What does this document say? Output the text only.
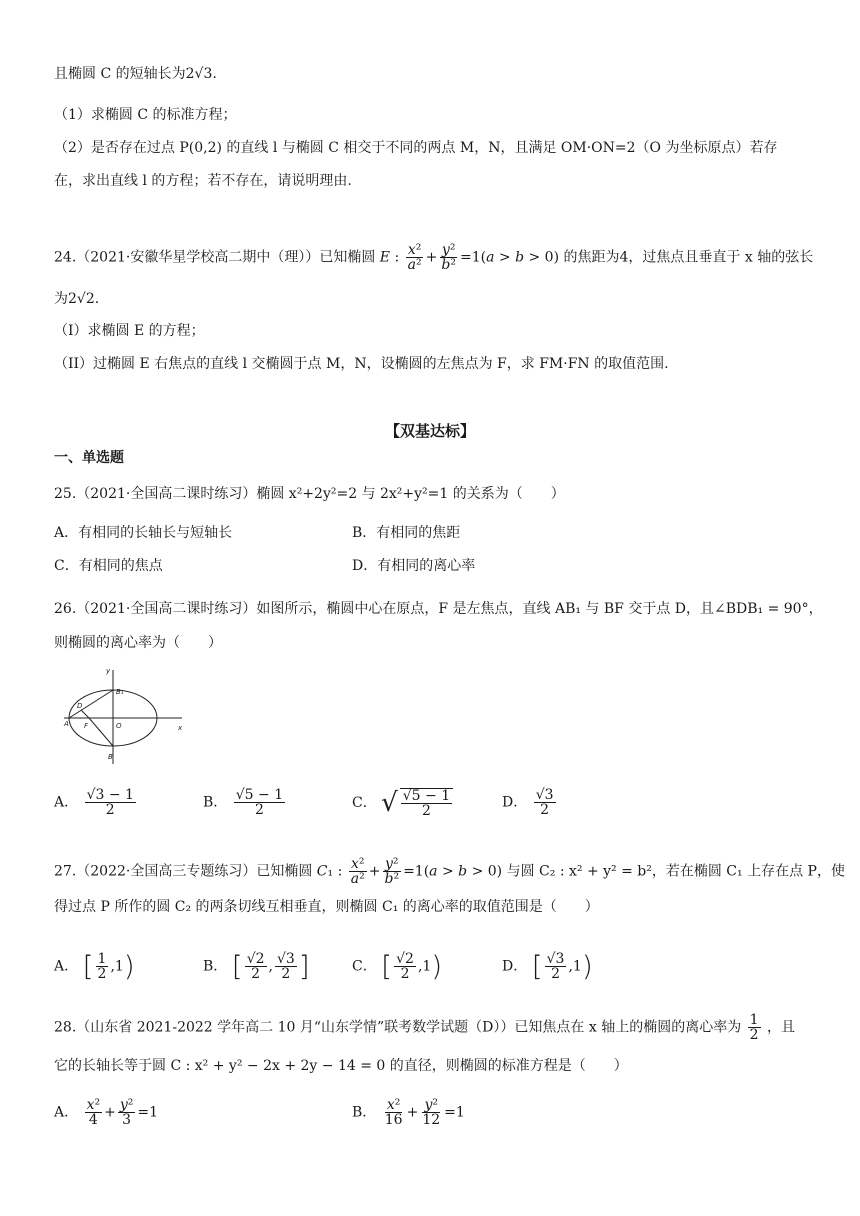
且椭圆 C 的短轴长为2√3.
（1）求椭圆 C 的标准方程；
（2）是否存在过点 P(0,2) 的直线 l 与椭圆 C 相交于不同的两点 M，N，且满足 OM·ON=2（O 为坐标原点）若存
在，求出直线 l 的方程；若不存在，请说明理由.
24.（2021·安徽华星学校高二期中（理））已知椭圆 E : $\frac{\text{x²}}{\text{a²}} + \frac{\text{y²}}{\text{b²}} =1(a > b > 0)$ 的焦距为4，过焦点且垂直于 x 轴的弦长
为2√2.
（I）求椭圆 E 的方程；
（II）过椭圆 E 右焦点的直线 l 交椭圆于点 M，N，设椭圆的左焦点为 F，求 FM·FN 的取值范围.
【双基达标】
一、单选题
25.（2021·全国高二课时练习）椭圆 x²+2y²=2 与 2x²+y²=1 的关系为（　　）
A．有相同的长轴长与短轴长	B．有相同的焦距
C．有相同的焦点	D．有相同的离心率
26.（2021·全国高二课时练习）如图所示，椭圆中心在原点，F 是左焦点，直线 AB₁ 与 BF 交于点 D，且∠BDB₁ = 90°，
则椭圆的离心率为（　　）
y
x
B₁
D
A F	O
B
A． $\frac{√3 - 1}{2}$	B． $\frac{√5 - 1}{2}$	C． √ $\frac{√5 - 1}{2}$	D． $\frac{√3}{2}$
27.（2022·全国高三专题练习）已知椭圆 C₁ : $\frac{\text{x²}}{\text{a²}} + \frac{\text{y²}}{\text{b²}} =1(a > b > 0)$ 与圆 C₂ : x² + y² = b²，若在椭圆 C₁ 上存在点 P，使
得过点 P 所作的圆 C₂ 的两条切线互相垂直，则椭圆 C₁ 的离心率的取值范围是（　　）
A． [ $\frac{1}{2} ,1$)	B． [ $\frac{√2}{2}$ , $\frac{√3}{2}$ ]	C． [ $\frac{√2}{2} ,1$)	D． [ $\frac{√3}{2} ,1$)
28.（山东省 2021-2022 学年高二 10 月“山东学情”联考数学试题（D））已知焦点在 x 轴上的椭圆的离心率为 $\frac{1}{2}$ ，且
它的长轴长等于圆 C : x² + y² − 2x + 2y − 14 = 0 的直径，则椭圆的标准方程是（　　）
A． $\frac{\text{x²}}{4} + \frac{\text{y²}}{3} =1$	B． $\frac{\text{x²}}{16} + \frac{\text{y²}}{12} =1$
